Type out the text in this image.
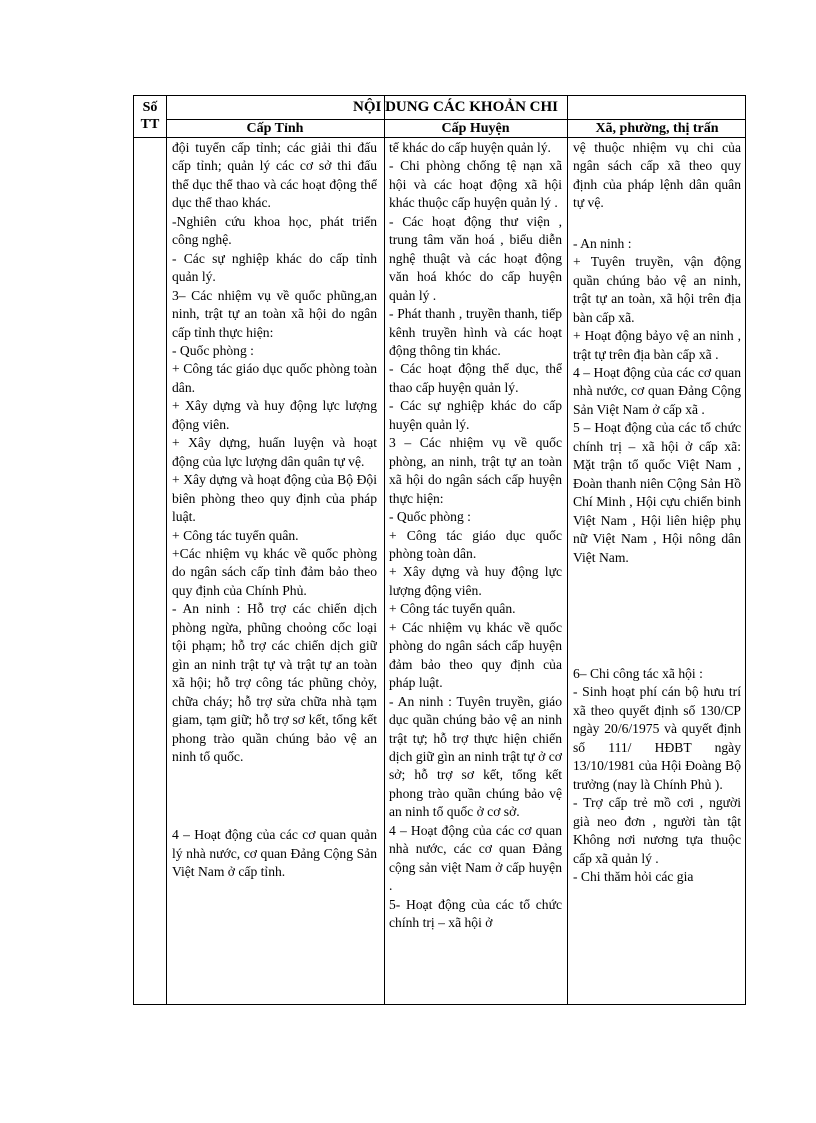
Số TT
NỘI DUNG CÁC KHOẢN CHI
Cấp Tỉnh	Cấp Huyện	Xã, phường, thị trấn

đội tuyển cấp tỉnh; các giải thi đấu cấp tỉnh; quản lý các cơ sở thi đấu thể dục thể thao và các hoạt động thể dục thể thao khác.

-Nghiên cứu khoa học, phát triển công nghệ.

- Các sự nghiệp khác do cấp tỉnh quản lý.

3– Các nhiệm vụ về quốc phũng,an ninh, trật tự an toàn xã hội do ngân cấp tỉnh thực hiện:

- Quốc phòng :

+ Công tác giáo dục quốc phòng toàn dân.

+ Xây dựng và huy động lực lượng động viên.

+ Xây dựng, huấn luyện và hoạt động của lực lượng dân quân tự vệ.

+ Xây dựng và hoạt động của Bộ Đội biên phòng theo quy định của pháp luật.

+ Công tác tuyển quân.

+Các nhiệm vụ khác về quốc phòng do ngân sách cấp tỉnh đảm bảo theo quy định của Chính Phủ.

- An ninh : Hỗ trợ các chiến dịch phòng ngừa, phũng choỏng cốc loại tội phạm; hỗ trợ các chiến dịch giữ gìn an ninh trật tự và trật tự an toàn xã hội; hỗ trợ công tác phũng chỏy, chữa cháy; hỗ trợ sửa chữa nhà tạm giam, tạm giữ; hỗ trợ sơ kết, tổng kết phong trào quần chúng bảo vệ an ninh tổ quốc.

4 – Hoạt động của các cơ quan quản lý nhà nước, cơ quan Đảng Cộng Sản Việt Nam ở cấp tỉnh.

tế khác do cấp huyện quản lý.

- Chi phòng chống tệ nạn xã hội và các hoạt động xã hội khác thuộc cấp huyện quản lý .

- Các hoạt động thư viện , trung tâm văn hoá , biểu diễn nghệ thuật và các hoạt động văn hoá khóc do cấp huyện quản lý .

- Phát thanh , truyền thanh, tiếp kênh truyền hình và các hoạt động thông tin khác.

- Các hoạt động thể dục, thể thao cấp huyện quản lý.

- Các sự nghiệp khác do cấp huyện quản lý.

3 – Các nhiệm vụ về quốc phòng, an ninh, trật tự an toàn xã hội do ngân sách cấp huyện thực hiện:

- Quốc phòng :

+ Công tác giáo dục quốc phòng toàn dân.

+ Xây dựng và huy động lực lượng động viên.

+ Công tác tuyển quân.

+ Các nhiệm vụ khác về quốc phòng do ngân sách cấp huyện đảm bảo theo quy định của pháp luật.

- An ninh : Tuyên truyền, giáo dục quần chúng bảo vệ an ninh trật tự; hỗ trợ thực hiện chiến dịch giữ gìn an ninh trật tự ở cơ sở; hỗ trợ sơ kết, tổng kết phong trào quần chúng bảo vệ an ninh tổ quốc ở cơ sở.

4 – Hoạt động của các cơ quan nhà nước, các cơ quan Đảng cộng sản việt Nam ở cấp huyện .

5- Hoạt động của các tổ chức chính trị – xã hội ở

vệ thuộc nhiệm vụ chi của ngân sách cấp xã theo quy định của pháp lệnh dân quân tự vệ.

- An ninh :

+ Tuyên truyền, vận động quần chúng bảo vệ an ninh, trật tự an toàn, xã hội trên địa bàn cấp xã.

+ Hoạt động bảyo vệ an ninh , trật tự trên địa bàn cấp xã .

4 – Hoạt động của các cơ quan nhà nước, cơ quan Đảng Cộng Sản Việt Nam ở cấp xã .

5 – Hoạt động của các tổ chức chính trị – xã hội ở cấp xã: Mặt trận tổ quốc Việt Nam , Đoàn thanh niên Cộng Sản Hồ Chí Minh , Hội cựu chiến binh Việt Nam , Hội liên hiệp phụ nữ Việt Nam , Hội nông dân Việt Nam.

6– Chi công tác xã hội :

- Sinh hoạt phí cán bộ hưu trí xã theo quyết định số 130/CP ngày 20/6/1975 và quyết định số 111/ HĐBT ngày 13/10/1981 của Hội Đoàng Bộ trưởng (nay là Chính Phủ ).

- Trợ cấp trẻ mồ cơi , người già neo đơn , người tàn tật Không nơi nương tựa thuộc cấp xã quản lý .

- Chi thăm hỏi các gia
